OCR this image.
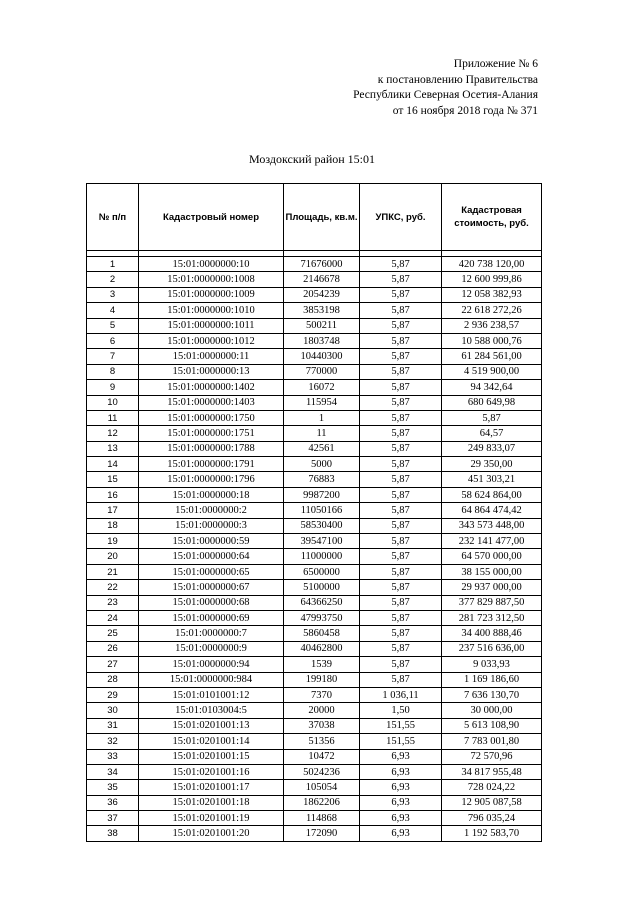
Приложение № 6
к постановлению Правительства
Республики Северная Осетия-Алания
от 16 ноября 2018 года № 371
Моздокский район 15:01
№ п/п	Кадастровый номер	Площадь, кв.м.	УПКС, руб.	Кадастровая стоимость, руб.

1	15:01:0000000:10	71676000	5,87	420 738 120,00
2	15:01:0000000:1008	2146678	5,87	12 600 999,86
3	15:01:0000000:1009	2054239	5,87	12 058 382,93
4	15:01:0000000:1010	3853198	5,87	22 618 272,26
5	15:01:0000000:1011	500211	5,87	2 936 238,57
6	15:01:0000000:1012	1803748	5,87	10 588 000,76
7	15:01:0000000:11	10440300	5,87	61 284 561,00
8	15:01:0000000:13	770000	5,87	4 519 900,00
9	15:01:0000000:1402	16072	5,87	94 342,64
10	15:01:0000000:1403	115954	5,87	680 649,98
11	15:01:0000000:1750	1	5,87	5,87
12	15:01:0000000:1751	11	5,87	64,57
13	15:01:0000000:1788	42561	5,87	249 833,07
14	15:01:0000000:1791	5000	5,87	29 350,00
15	15:01:0000000:1796	76883	5,87	451 303,21
16	15:01:0000000:18	9987200	5,87	58 624 864,00
17	15:01:0000000:2	11050166	5,87	64 864 474,42
18	15:01:0000000:3	58530400	5,87	343 573 448,00
19	15:01:0000000:59	39547100	5,87	232 141 477,00
20	15:01:0000000:64	11000000	5,87	64 570 000,00
21	15:01:0000000:65	6500000	5,87	38 155 000,00
22	15:01:0000000:67	5100000	5,87	29 937 000,00
23	15:01:0000000:68	64366250	5,87	377 829 887,50
24	15:01:0000000:69	47993750	5,87	281 723 312,50
25	15:01:0000000:7	5860458	5,87	34 400 888,46
26	15:01:0000000:9	40462800	5,87	237 516 636,00
27	15:01:0000000:94	1539	5,87	9 033,93
28	15:01:0000000:984	199180	5,87	1 169 186,60
29	15:01:0101001:12	7370	1 036,11	7 636 130,70
30	15:01:0103004:5	20000	1,50	30 000,00
31	15:01:0201001:13	37038	151,55	5 613 108,90
32	15:01:0201001:14	51356	151,55	7 783 001,80
33	15:01:0201001:15	10472	6,93	72 570,96
34	15:01:0201001:16	5024236	6,93	34 817 955,48
35	15:01:0201001:17	105054	6,93	728 024,22
36	15:01:0201001:18	1862206	6,93	12 905 087,58
37	15:01:0201001:19	114868	6,93	796 035,24
38	15:01:0201001:20	172090	6,93	1 192 583,70
